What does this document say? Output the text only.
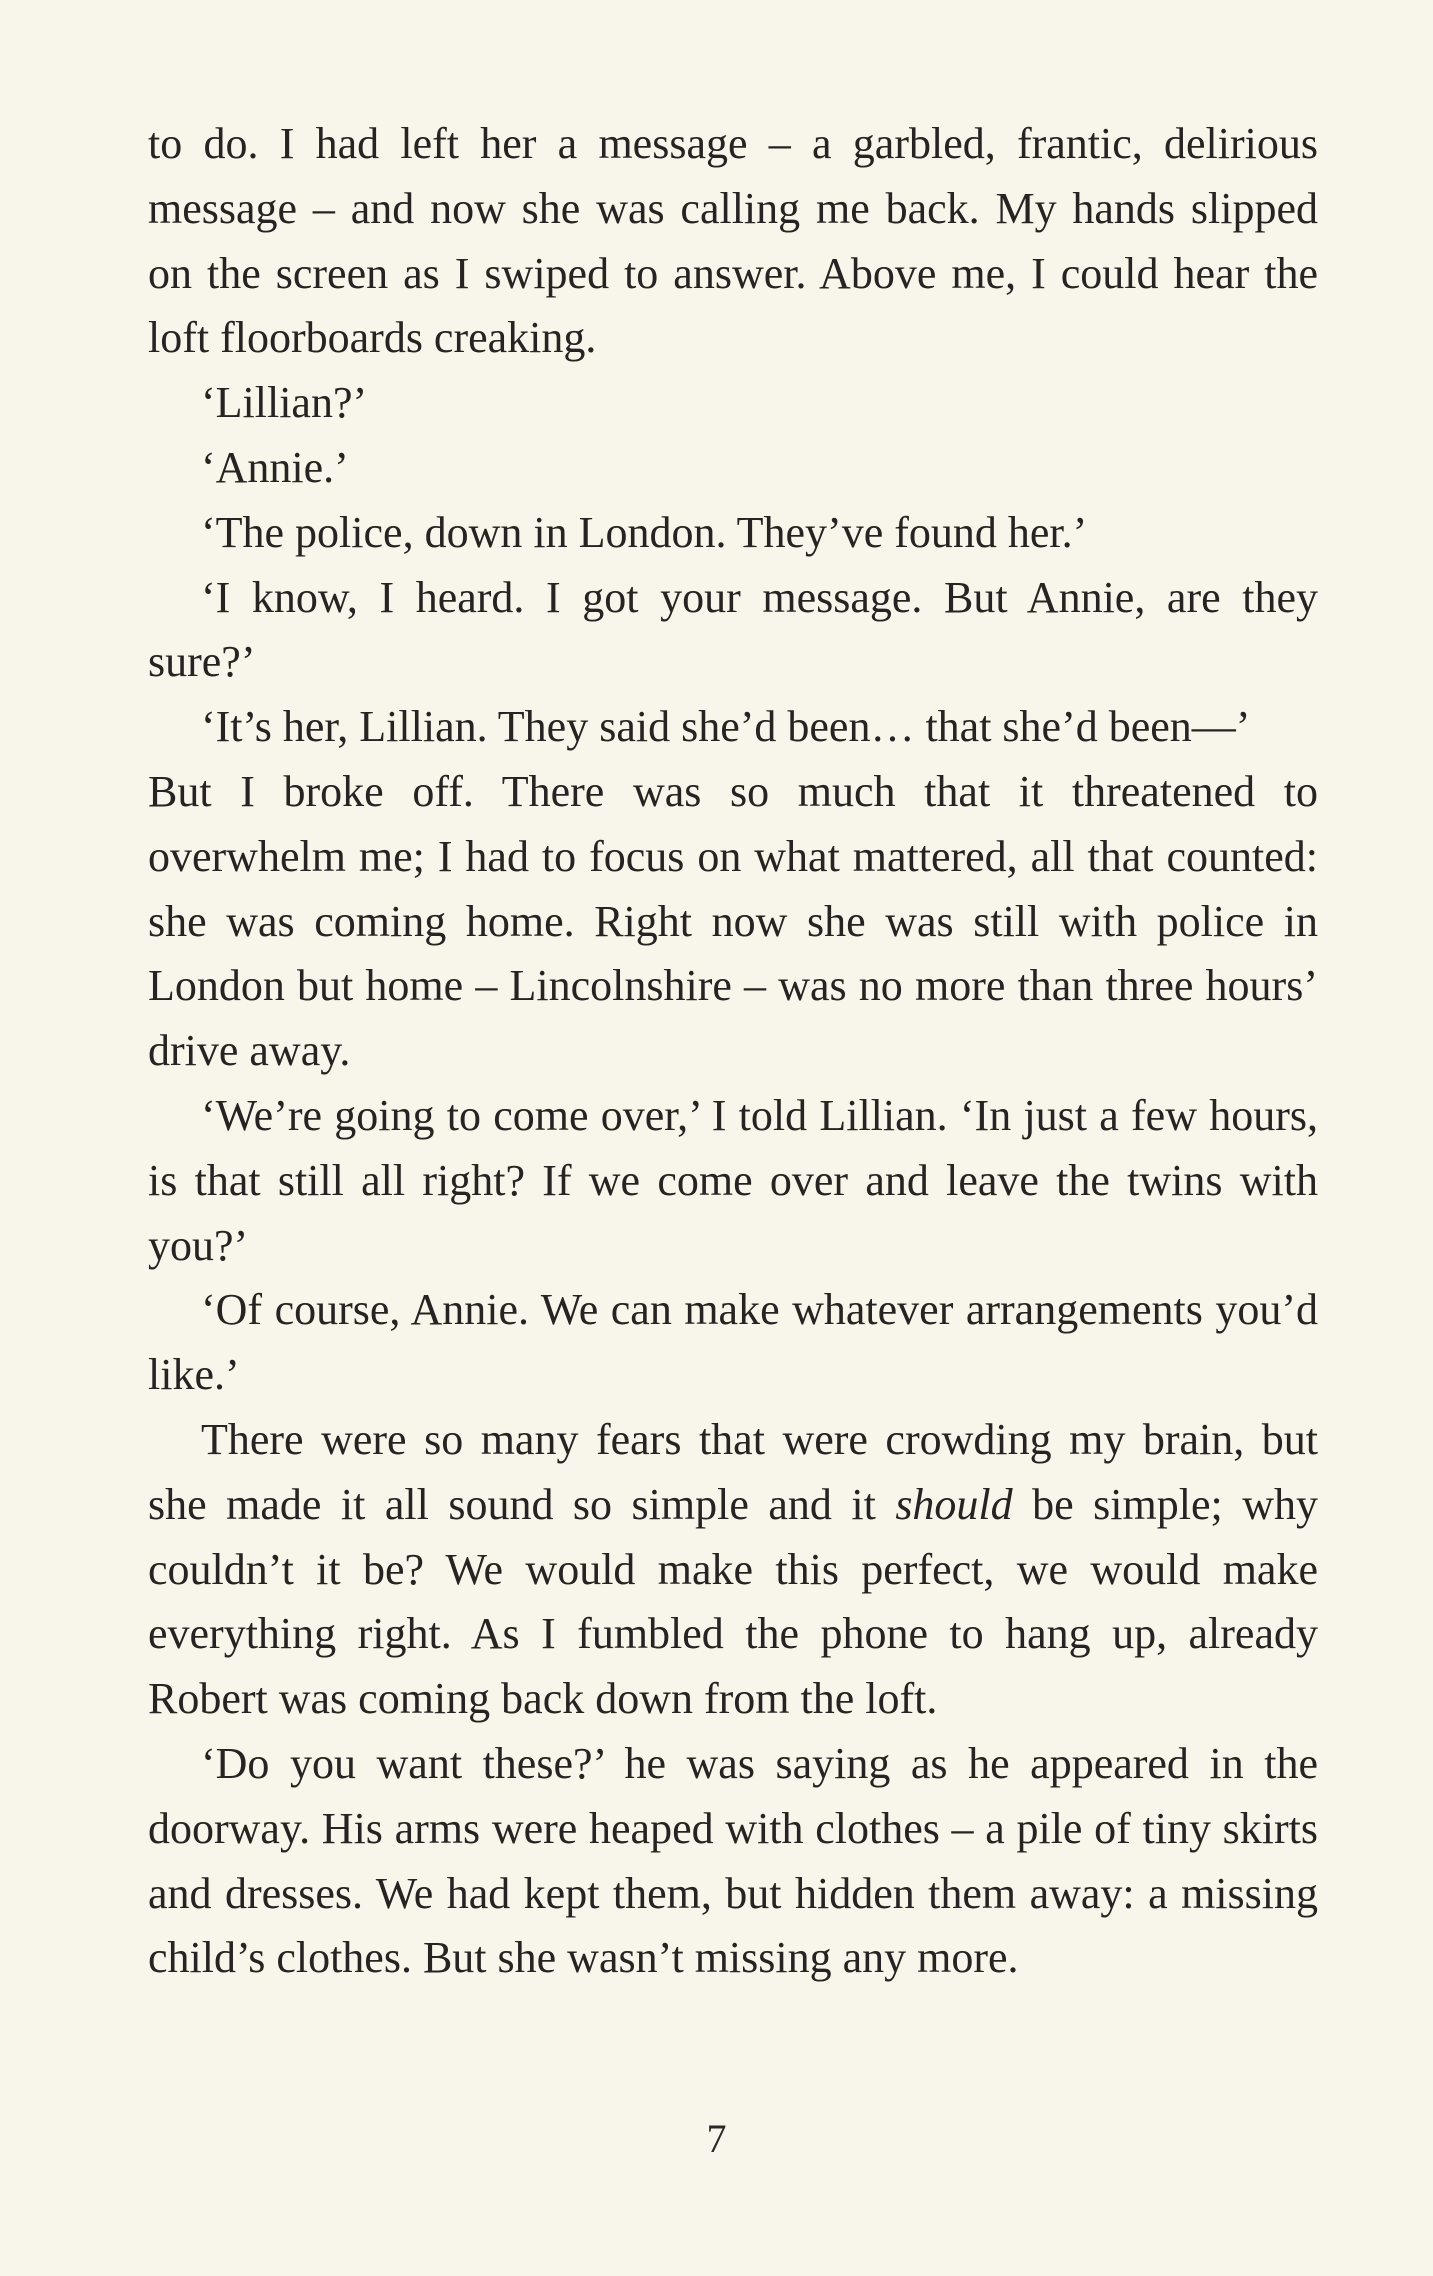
to do. I had left her a message – a garbled, frantic, delirious message – and now she was calling me back. My hands slipped on the screen as I swiped to answer. Above me, I could hear the loft floorboards creaking.

‘Lillian?’

‘Annie.’

‘The police, down in London. They’ve found her.’

‘I know, I heard. I got your message. But Annie, are they sure?’

‘It’s her, Lillian. They said she’d been… that she’d been—’

But I broke off. There was so much that it threatened to overwhelm me; I had to focus on what mattered, all that counted: she was coming home. Right now she was still with police in London but home – Lincolnshire – was no more than three hours’ drive away.

‘We’re going to come over,’ I told Lillian. ‘In just a few hours, is that still all right? If we come over and leave the twins with you?’

‘Of course, Annie. We can make whatever arrangements you’d like.’

There were so many fears that were crowding my brain, but she made it all sound so simple and it should be simple; why couldn’t it be? We would make this perfect, we would make everything right. As I fumbled the phone to hang up, already Robert was coming back down from the loft.

‘Do you want these?’ he was saying as he appeared in the doorway. His arms were heaped with clothes – a pile of tiny skirts and dresses. We had kept them, but hidden them away: a missing child’s clothes. But she wasn’t missing any more.

7
